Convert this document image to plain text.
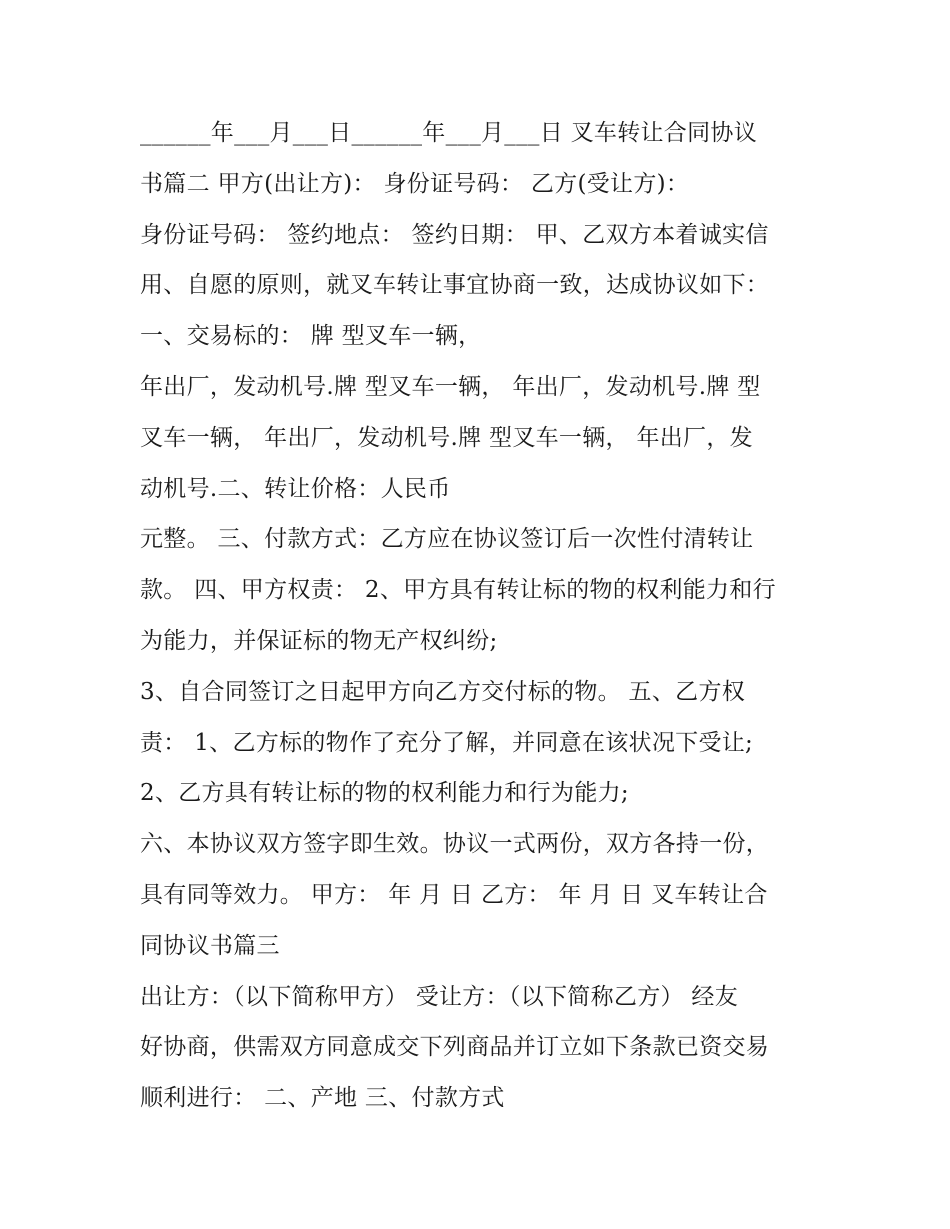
______年___月___日______年___月___日 叉车转让合同协议
书篇二 甲方(出让方)： 身份证号码： 乙方(受让方)：
身份证号码： 签约地点： 签约日期： 甲、乙双方本着诚实信
用、自愿的原则，就叉车转让事宜协商一致，达成协议如下：
一、交易标的： 牌 型叉车一辆，
年出厂，发动机号.牌 型叉车一辆， 年出厂，发动机号.牌 型
叉车一辆， 年出厂，发动机号.牌 型叉车一辆， 年出厂，发
动机号.二、转让价格：人民币
元整。 三、付款方式：乙方应在协议签订后一次性付清转让
款。 四、甲方权责： 2、甲方具有转让标的物的权利能力和行
为能力，并保证标的物无产权纠纷;
3、自合同签订之日起甲方向乙方交付标的物。 五、乙方权
责： 1、乙方标的物作了充分了解，并同意在该状况下受让;
2、乙方具有转让标的物的权利能力和行为能力;
六、本协议双方签字即生效。协议一式两份，双方各持一份，
具有同等效力。 甲方： 年 月 日 乙方： 年 月 日 叉车转让合
同协议书篇三
出让方：（以下简称甲方） 受让方：（以下简称乙方） 经友
好协商，供需双方同意成交下列商品并订立如下条款已资交易
顺利进行： 二、产地 三、付款方式
